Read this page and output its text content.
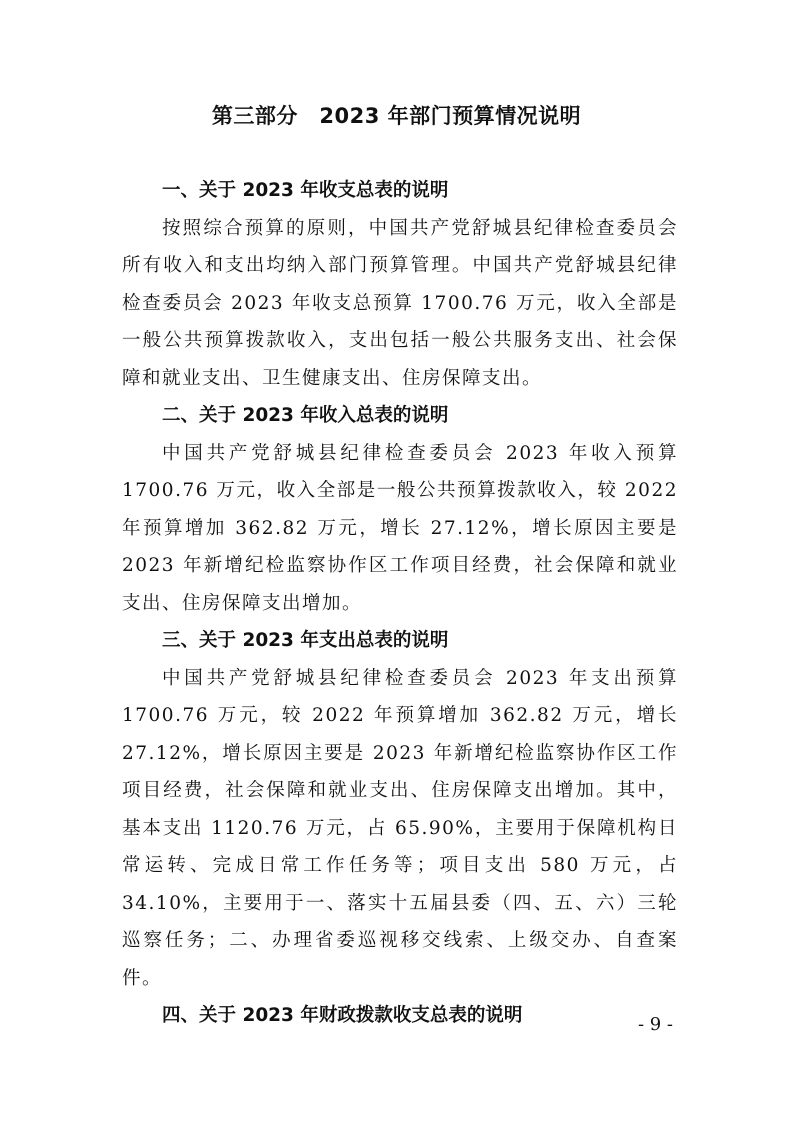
第三部分　2023 年部门预算情况说明
一、关于 2023 年收支总表的说明
按照综合预算的原则，中国共产党舒城县纪律检查委员会所有收入和支出均纳入部门预算管理。中国共产党舒城县纪律检查委员会 2023 年收支总预算 1700.76 万元，收入全部是一般公共预算拨款收入，支出包括一般公共服务支出、社会保障和就业支出、卫生健康支出、住房保障支出。
二、关于 2023 年收入总表的说明
中国共产党舒城县纪律检查委员会 2023 年收入预算 1700.76 万元，收入全部是一般公共预算拨款收入，较 2022 年预算增加 362.82 万元，增长 27.12%，增长原因主要是 2023 年新增纪检监察协作区工作项目经费，社会保障和就业支出、住房保障支出增加。
三、关于 2023 年支出总表的说明
中国共产党舒城县纪律检查委员会 2023 年支出预算 1700.76 万元，较 2022 年预算增加 362.82 万元，增长 27.12%，增长原因主要是 2023 年新增纪检监察协作区工作项目经费，社会保障和就业支出、住房保障支出增加。其中，基本支出 1120.76 万元，占 65.90%，主要用于保障机构日常运转、完成日常工作任务等；项目支出 580 万元，占 34.10%，主要用于一、落实十五届县委（四、五、六）三轮巡察任务；二、办理省委巡视移交线索、上级交办、自查案件。
四、关于 2023 年财政拨款收支总表的说明	- 9 -
